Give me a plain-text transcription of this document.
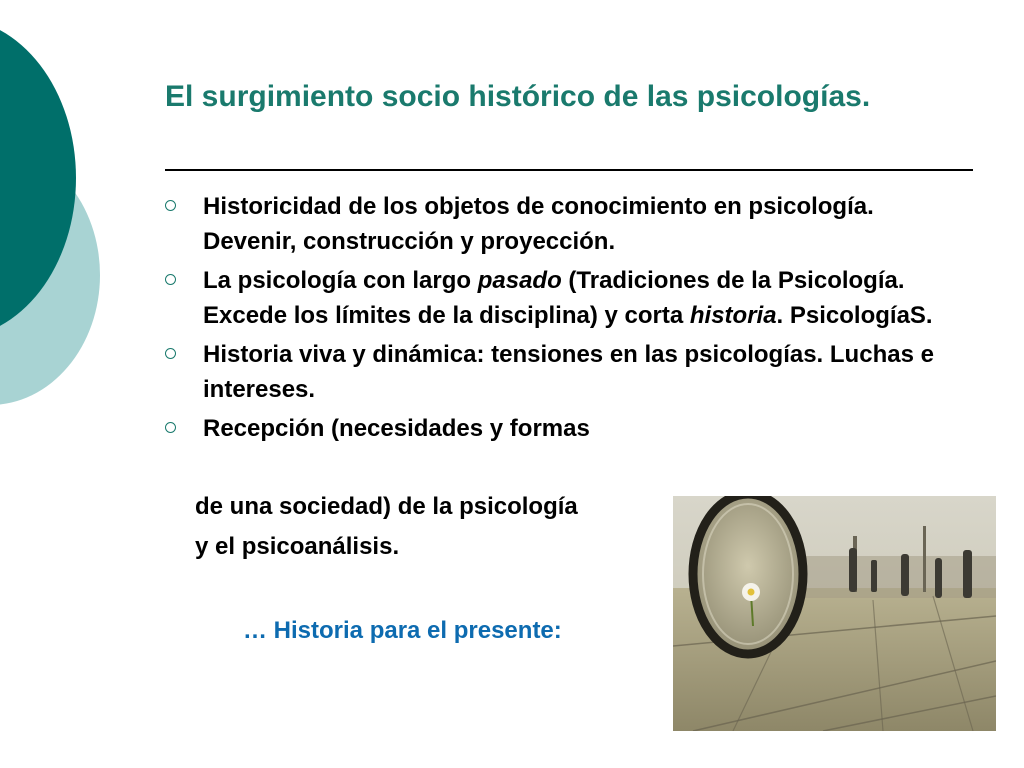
El surgimiento socio histórico de las psicologías.
Historicidad de los objetos de conocimiento en psicología. Devenir, construcción y proyección.
La psicología con largo pasado (Tradiciones de la Psicología. Excede los límites de la disciplina) y corta historia. PsicologíaS.
Historia viva y dinámica: tensiones en las psicologías. Luchas e intereses.
Recepción (necesidades y formas
de una sociedad) de la psicología
y el psicoanálisis.
… Historia para el presente:
